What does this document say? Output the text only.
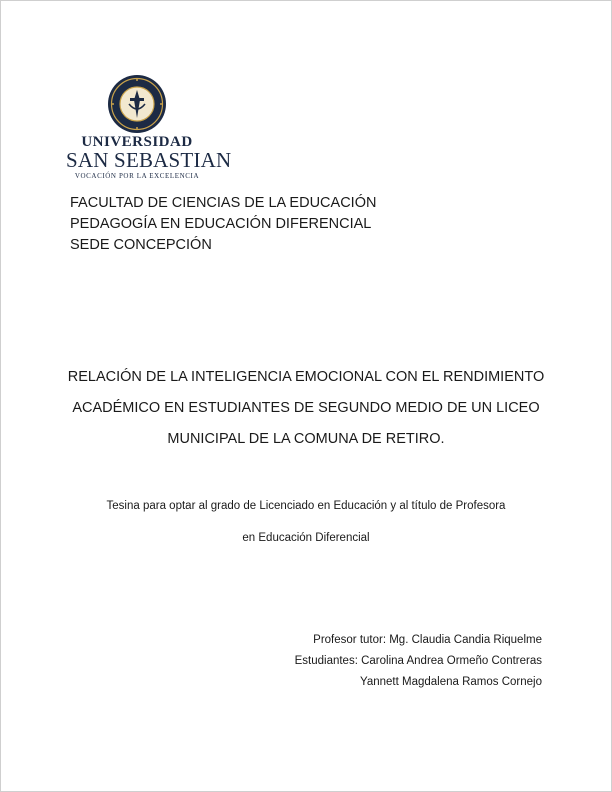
UNIVERSIDAD
SAN SEBASTIAN
VOCACIÓN POR LA EXCELENCIA
FACULTAD DE CIENCIAS DE LA EDUCACIÓN
PEDAGOGÍA EN EDUCACIÓN DIFERENCIAL
SEDE CONCEPCIÓN
RELACIÓN DE LA INTELIGENCIA EMOCIONAL CON EL RENDIMIENTO
ACADÉMICO EN ESTUDIANTES DE SEGUNDO MEDIO DE UN LICEO
MUNICIPAL DE LA COMUNA DE RETIRO.
Tesina para optar al grado de Licenciado en Educación y al título de Profesora
en Educación Diferencial
Profesor tutor: Mg. Claudia Candia Riquelme
Estudiantes: Carolina Andrea Ormeño Contreras
Yannett Magdalena Ramos Cornejo
